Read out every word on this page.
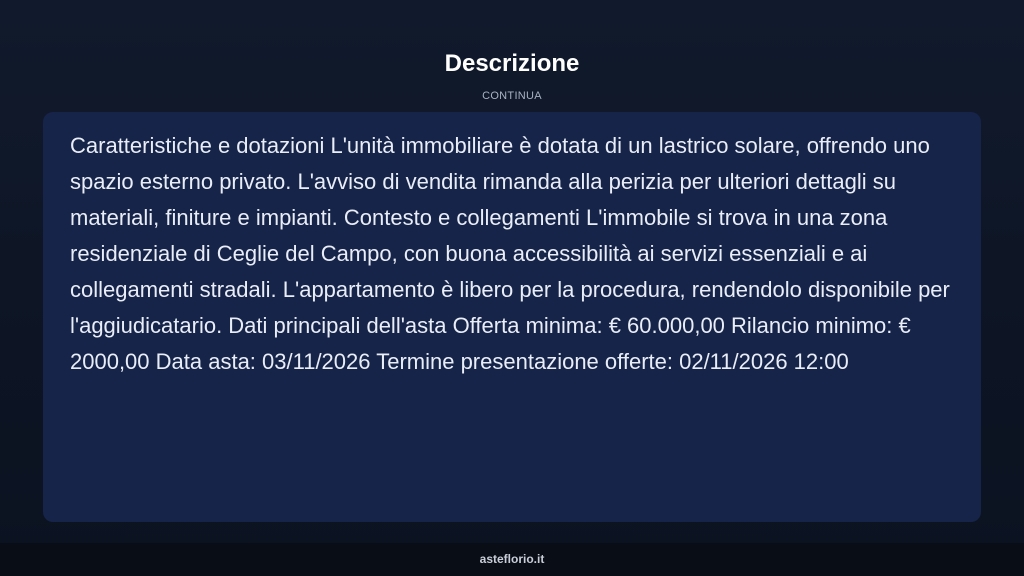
Descrizione
CONTINUA

Caratteristiche e dotazioni L'unità immobiliare è dotata di un lastrico solare, offrendo uno spazio esterno privato. L'avviso di vendita rimanda alla perizia per ulteriori dettagli su materiali, finiture e impianti. Contesto e collegamenti L'immobile si trova in una zona residenziale di Ceglie del Campo, con buona accessibilità ai servizi essenziali e ai collegamenti stradali. L'appartamento è libero per la procedura, rendendolo disponibile per l'aggiudicatario. Dati principali dell'asta Offerta minima: € 60.000,00 Rilancio minimo: € 2000,00 Data asta: 03/11/2026 Termine presentazione offerte: 02/11/2026 12:00

asteflorio.it
